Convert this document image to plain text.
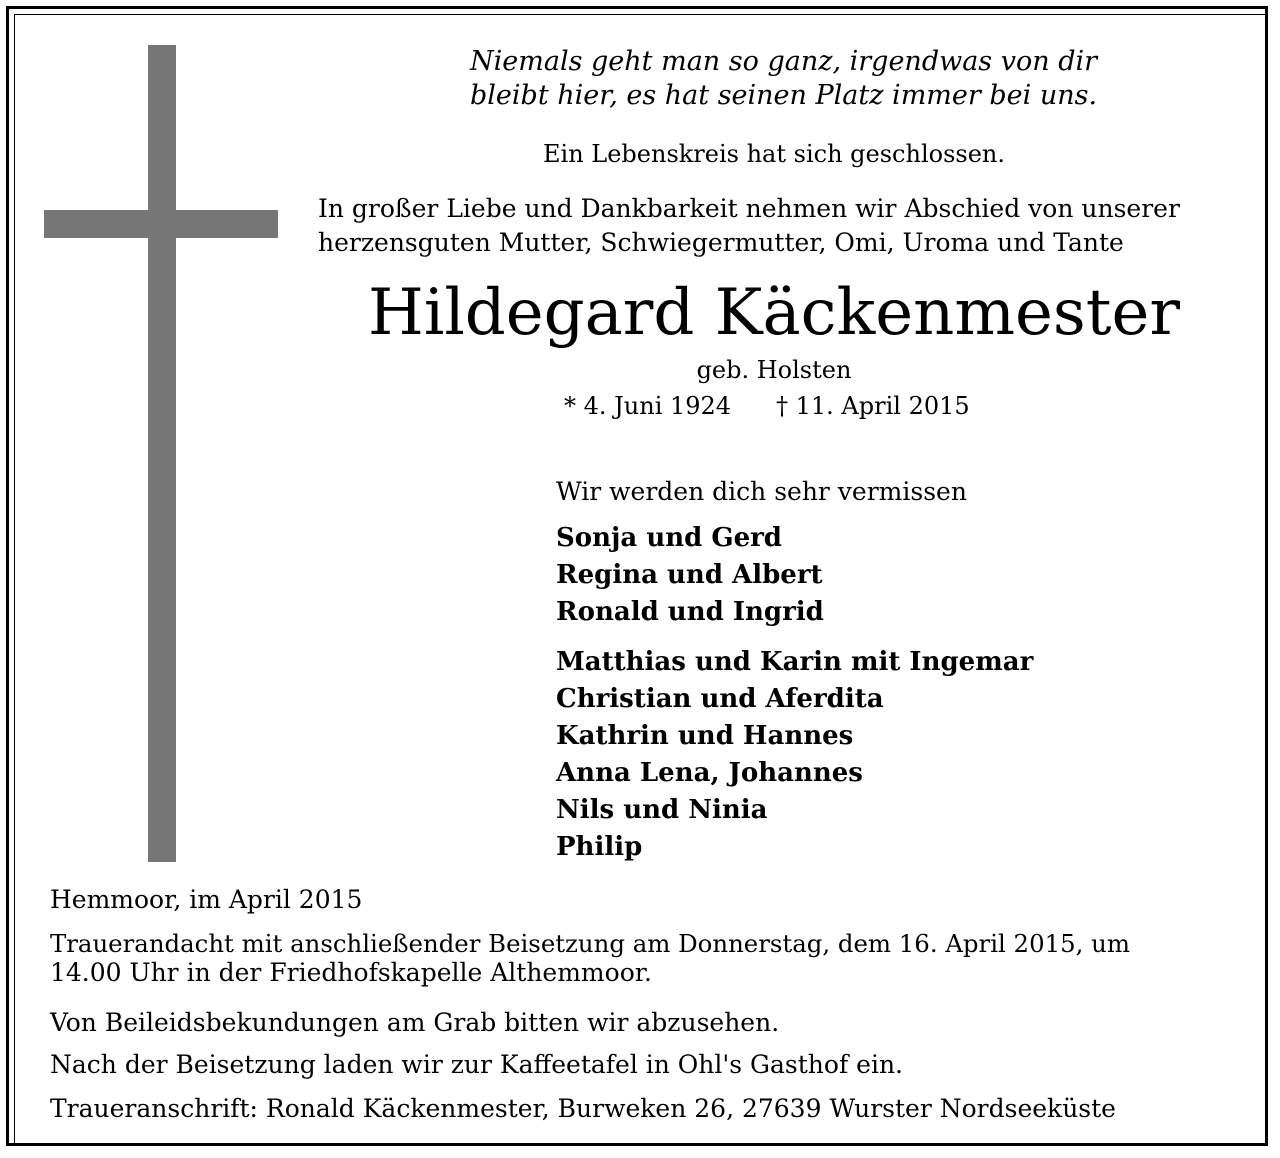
Niemals geht man so ganz, irgendwas von dir
bleibt hier, es hat seinen Platz immer bei uns.
Ein Lebenskreis hat sich geschlossen.
In großer Liebe und Dankbarkeit nehmen wir Abschied von unserer
herzensguten Mutter, Schwiegermutter, Omi, Uroma und Tante
Hildegard Käckenmester
geb. Holsten
* 4. Juni 1924 † 11. April 2015
Wir werden dich sehr vermissen
Sonja und Gerd
Regina und Albert
Ronald und Ingrid
Matthias und Karin mit Ingemar
Christian und Aferdita
Kathrin und Hannes
Anna Lena, Johannes
Nils und Ninia
Philip
Hemmoor, im April 2015
Trauerandacht mit anschließender Beisetzung am Donnerstag, dem 16. April 2015, um
14.00 Uhr in der Friedhofskapelle Althemmoor.
Von Beileidsbekundungen am Grab bitten wir abzusehen.
Nach der Beisetzung laden wir zur Kaffeetafel in Ohl's Gasthof ein.
Traueranschrift: Ronald Käckenmester, Burweken 26, 27639 Wurster Nordseeküste
